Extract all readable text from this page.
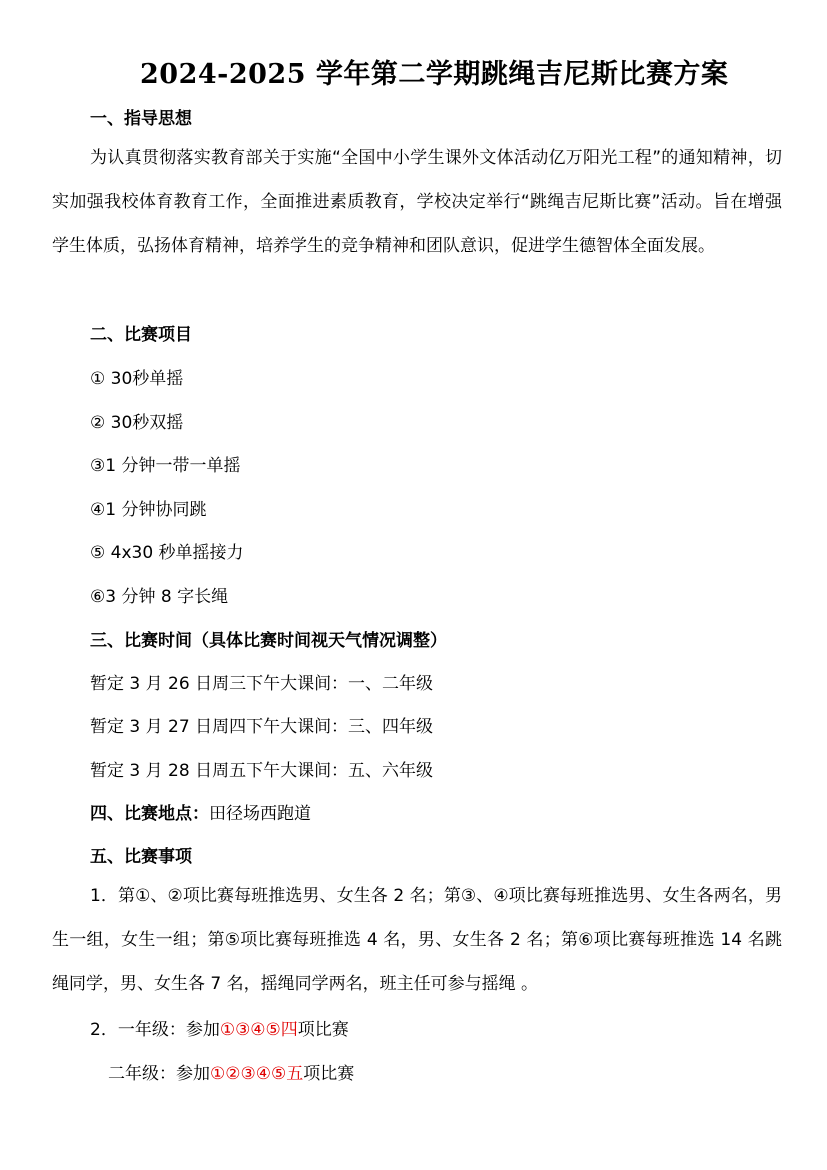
2024-2025 学年第二学期跳绳吉尼斯比赛方案
一、指导思想
为认真贯彻落实教育部关于实施“全国中小学生课外文体活动亿万阳光工程”的通知精神，切实加强我校体育教育工作，全面推进素质教育，学校决定举行“跳绳吉尼斯比赛”活动。旨在增强学生体质，弘扬体育精神，培养学生的竞争精神和团队意识，促进学生德智体全面发展。
二、比赛项目
① 30秒单摇
② 30秒双摇
③1 分钟一带一单摇
④1 分钟协同跳
⑤ 4x30 秒单摇接力
⑥3 分钟 8 字长绳
三、比赛时间（具体比赛时间视天气情况调整）
暂定 3 月 26 日周三下午大课间：一、二年级
暂定 3 月 27 日周四下午大课间：三、四年级
暂定 3 月 28 日周五下午大课间：五、六年级
四、比赛地点：田径场西跑道
五、比赛事项
1．第①、②项比赛每班推选男、女生各 2 名；第③、④项比赛每班推选男、女生各两名，男生一组，女生一组；第⑤项比赛每班推选 4 名，男、女生各 2 名；第⑥项比赛每班推选 14 名跳绳同学，男、女生各 7 名，摇绳同学两名，班主任可参与摇绳 。
2．一年级：参加①③④⑤四项比赛
二年级：参加①②③④⑤五项比赛
